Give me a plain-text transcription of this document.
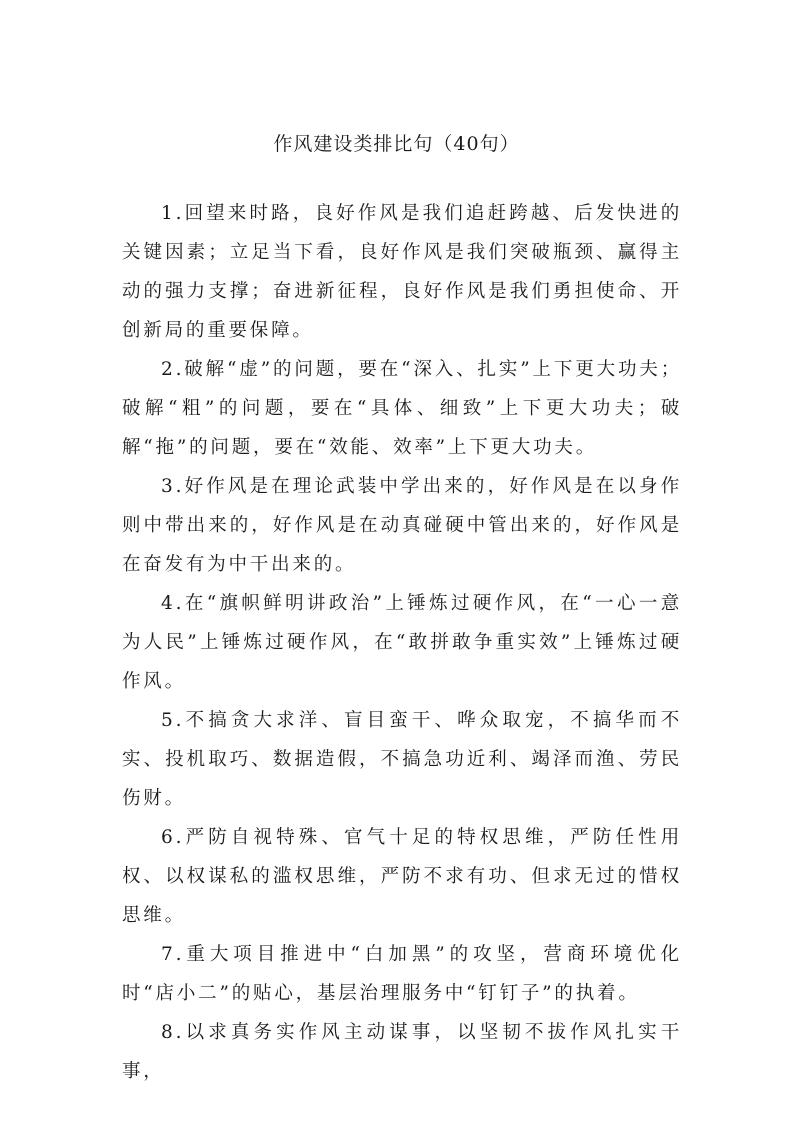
作风建设类排比句（40句）

1.回望来时路，良好作风是我们追赶跨越、后发快进的关键因素；立足当下看，良好作风是我们突破瓶颈、赢得主动的强力支撑；奋进新征程，良好作风是我们勇担使命、开创新局的重要保障。

2.破解“虚”的问题，要在“深入、扎实”上下更大功夫；破解“粗”的问题，要在“具体、细致”上下更大功夫；破解“拖”的问题，要在“效能、效率”上下更大功夫。

3.好作风是在理论武装中学出来的，好作风是在以身作则中带出来的，好作风是在动真碰硬中管出来的，好作风是在奋发有为中干出来的。

4.在“旗帜鲜明讲政治”上锤炼过硬作风，在“一心一意为人民”上锤炼过硬作风，在“敢拼敢争重实效”上锤炼过硬作风。

5.不搞贪大求洋、盲目蛮干、哗众取宠，不搞华而不实、投机取巧、数据造假，不搞急功近利、竭泽而渔、劳民伤财。

6.严防自视特殊、官气十足的特权思维，严防任性用权、以权谋私的滥权思维，严防不求有功、但求无过的惜权思维。

7.重大项目推进中“白加黑”的攻坚，营商环境优化时“店小二”的贴心，基层治理服务中“钉钉子”的执着。

8.以求真务实作风主动谋事，以坚韧不拔作风扎实干事，
